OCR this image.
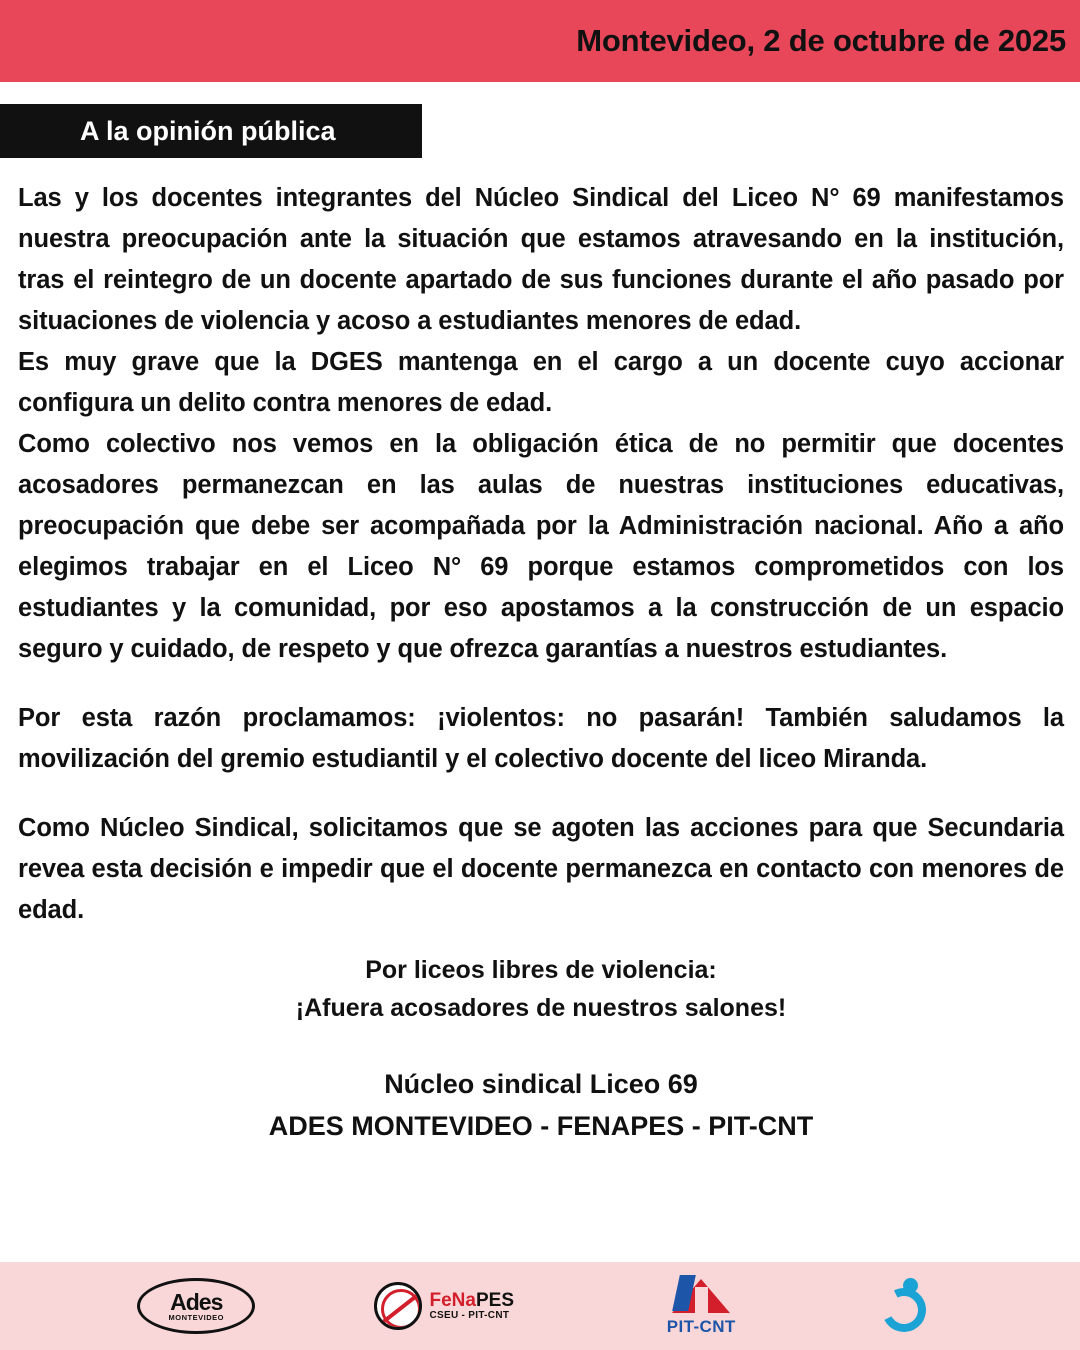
Montevideo, 2 de octubre de 2025
A la opinión pública

Las y los docentes integrantes del Núcleo Sindical del Liceo N° 69 manifestamos nuestra preocupación ante la situación que estamos atravesando en la institución, tras el reintegro de un docente apartado de sus funciones durante el año pasado por situaciones de violencia y acoso a estudiantes menores de edad.

Es muy grave que la DGES mantenga en el cargo a un docente cuyo accionar configura un delito contra menores de edad.

Como colectivo nos vemos en la obligación ética de no permitir que docentes acosadores permanezcan en las aulas de nuestras instituciones educativas, preocupación que debe ser acompañada por la Administración nacional. Año a año elegimos trabajar en el Liceo N° 69 porque estamos comprometidos con los estudiantes y la comunidad, por eso apostamos a la construcción de un espacio seguro y cuidado, de respeto y que ofrezca garantías a nuestros estudiantes.

Por esta razón proclamamos: ¡violentos: no pasarán! También saludamos la movilización del gremio estudiantil y el colectivo docente del liceo Miranda.

Como Núcleo Sindical, solicitamos que se agoten las acciones para que Secundaria revea esta decisión e impedir que el docente permanezca en contacto con menores de edad.

Por liceos libres de violencia:

¡Afuera acosadores de nuestros salones!

Núcleo sindical Liceo 69

ADES MONTEVIDEO - FENAPES - PIT-CNT

Ades
MONTEVIDEO
FeNaPES
CSEU - PIT-CNT
PIT-CNT
